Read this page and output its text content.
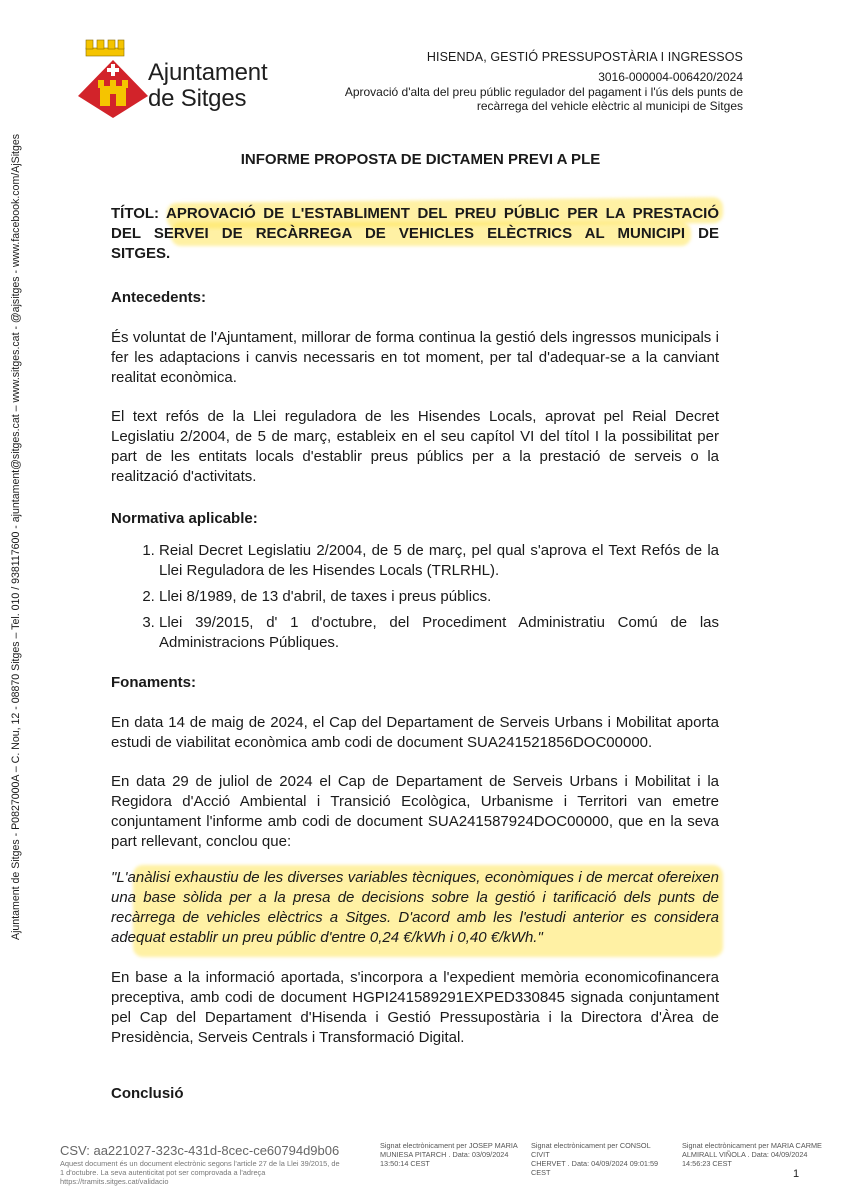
Ajuntament
de Sitges
HISENDA, GESTIÓ PRESSUPOSTÀRIA I INGRESSOS
3016-000004-006420/2024
Aprovació d'alta del preu públic regulador del pagament i l'ús dels punts de
recàrrega del vehicle elèctric al municipi de Sitges
Ajuntament de Sitges - P0827000A – C. Nou, 12 - 08870 Sitges – Tel. 010 / 938117600 - ajuntament@sitges.cat – www.sitges.cat - @ajsitges - www.facebook.com/AjSitges	INFORME PROPOSTA DE DICTAMEN PREVI A PLE
TÍTOL: APROVACIÓ DE L'ESTABLIMENT DEL PREU PÚBLIC PER LA PRESTACIÓ
DEL SERVEI DE RECÀRREGA DE VEHICLES ELÈCTRICS AL MUNICIPI DE
SITGES.
Antecedents:

És voluntat de l'Ajuntament, millorar de forma continua la gestió dels ingressos municipals i fer les adaptacions i canvis necessaris en tot moment, per tal d'adequar-se a la canviant realitat econòmica.

El text refós de la Llei reguladora de les Hisendes Locals, aprovat pel Reial Decret Legislatiu 2/2004, de 5 de març, estableix en el seu capítol VI del títol I la possibilitat per part de les entitats locals d'establir preus públics per a la prestació de serveis o la realització d'activitats.

Normativa aplicable:
1. Reial Decret Legislatiu 2/2004, de 5 de març, pel qual s'aprova el Text Refós de la Llei Reguladora de les Hisendes Locals (TRLRHL).
2. Llei 8/1989, de 13 d'abril, de taxes i preus públics.
3. Llei 39/2015, d' 1 d'octubre, del Procediment Administratiu Comú de las Administracions Públiques.
Fonaments:

En data 14 de maig de 2024, el Cap del Departament de Serveis Urbans i Mobilitat aporta estudi de viabilitat econòmica amb codi de document SUA241521856DOC00000.

En data 29 de juliol de 2024 el Cap de Departament de Serveis Urbans i Mobilitat i la Regidora d'Acció Ambiental i Transició Ecològica, Urbanisme i Territori van emetre conjuntament l'informe amb codi de document SUA241587924DOC00000, que en la seva part rellevant, conclou que:

"L'anàlisi exhaustiu de les diverses variables tècniques, econòmiques i de mercat ofereixen una base sòlida per a la presa de decisions sobre la gestió i tarificació dels punts de recàrrega de vehicles elèctrics a Sitges. D'acord amb les l'estudi anterior es considera adequat establir un preu públic d'entre 0,24 €/kWh i 0,40 €/kWh."

En base a la informació aportada, s'incorpora a l'expedient memòria economicofinancera preceptiva, amb codi de document HGPI241589291EXPED330845 signada conjuntament pel Cap del Departament d'Hisenda i Gestió Pressupostària i la Directora d'Àrea de Presidència, Serveis Centrals i Transformació Digital.

Conclusió
CSV: aa221027-323c-431d-8cec-ce60794d9b06
Aquest document és un document electrònic segons l'article 27 de la Llei 39/2015, de 1 d'octubre. La seva autenticitat pot ser comprovada a l'adreça https://tramits.sitges.cat/validacio
Signat electrònicament per JOSEP MARIA
MUNIESA PITARCH . Data: 03/09/2024
13:50:14 CEST
Signat electrònicament per CONSOL CIVIT
CHERVET . Data: 04/09/2024 09:01:59
CEST
Signat electrònicament per MARIA CARME
ALMIRALL VIÑOLA . Data: 04/09/2024
14:56:23 CEST
1
